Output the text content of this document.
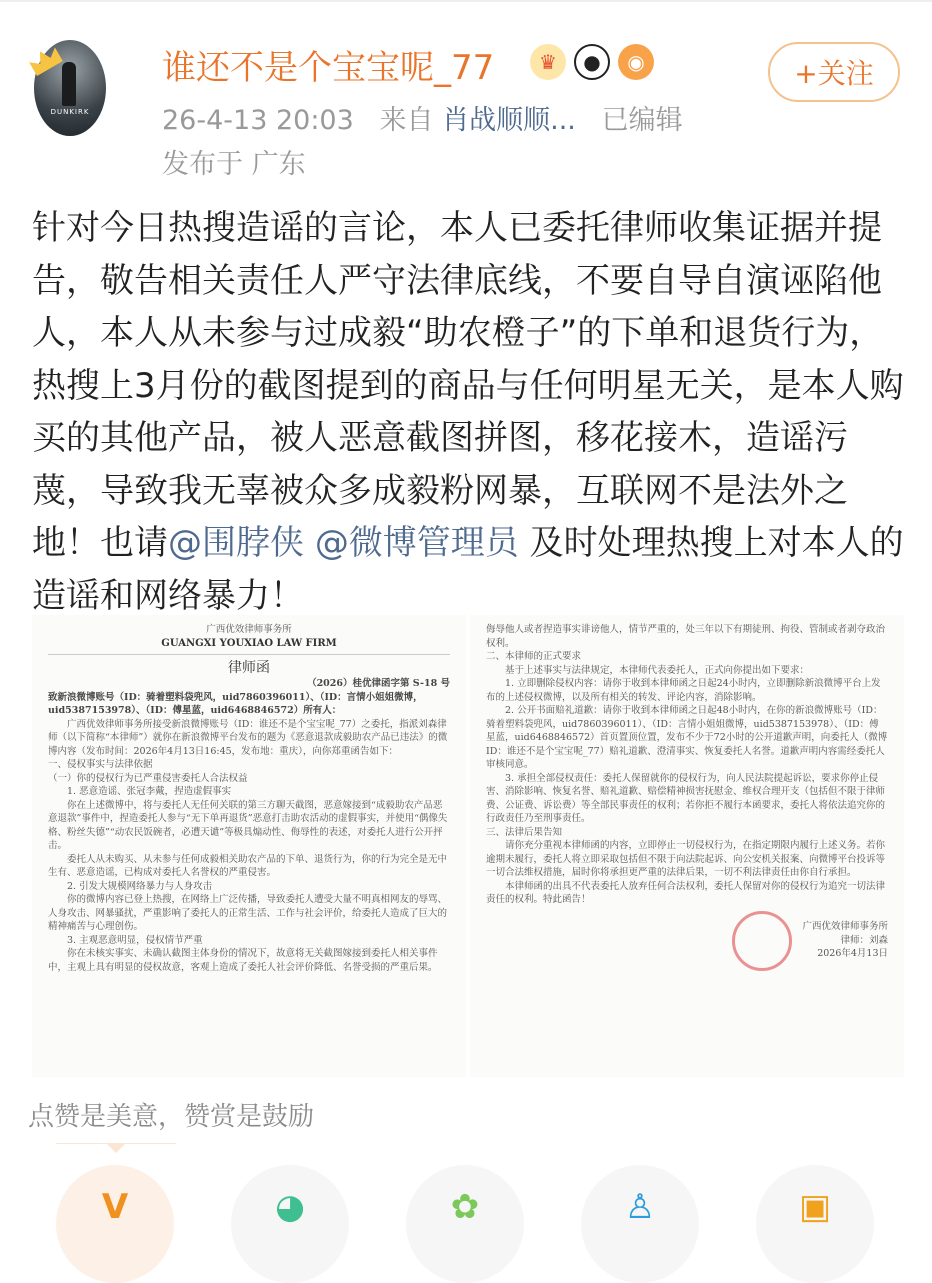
DUNKIRK
谁还不是个宝宝呢_77	♛	●	◉
26-4-13 20:03 来自 肖战顺顺... 已编辑
发布于 广东
+关注
针对今日热搜造谣的言论，本人已委托律师收集证据并提告，敬告相关责任人严守法律底线，不要自导自演诬陷他人，本人从未参与过成毅“助农橙子”的下单和退货行为，热搜上3月份的截图提到的商品与任何明星无关，是本人购买的其他产品，被人恶意截图拼图，移花接木，造谣污蔑，导致我无辜被众多成毅粉网暴，互联网不是法外之地！也请@围脖侠 @微博管理员 及时处理热搜上对本人的造谣和网络暴力！
广西优效律师事务所
GUANGXI YOUXIAO LAW FIRM
律师函
（2026）桂优律函字第 S-18 号
致新浪微博账号（ID：骑着塑料袋兜风，uid7860396011）、（ID：言情小姐姐微博，uid5387153978）、（ID：傅星蓝，uid6468846572）所有人：

广西优效律师事务所接受新浪微博账号（ID：谁还不是个宝宝呢_77）之委托，指派刘森律师（以下简称“本律师”）就你在新浪微博平台发布的题为《恶意退款成毅助农产品已违法》的微博内容（发布时间：2026年4月13日16:45，发布地：重庆），向你郑重函告如下：

一、侵权事实与法律依据
（一）你的侵权行为已严重侵害委托人合法权益

1. 恶意造谣、张冠李戴，捏造虚假事实

你在上述微博中，将与委托人无任何关联的第三方聊天截图，恶意嫁接到“成毅助农产品恶意退款”事件中，捏造委托人参与“无下单再退货”恶意打击助农活动的虚假事实，并使用“偶像失格、粉丝失德”“动农民饭碗者，必遭天谴”等极具煽动性、侮辱性的表述，对委托人进行公开抨击。

委托人从未购买、从未参与任何成毅相关助农产品的下单、退货行为，你的行为完全是无中生有、恶意造谣，已构成对委托人名誉权的严重侵害。

2. 引发大规模网络暴力与人身攻击

你的微博内容已登上热搜，在网络上广泛传播，导致委托人遭受大量不明真相网友的辱骂、人身攻击、网暴骚扰，严重影响了委托人的正常生活、工作与社会评价，给委托人造成了巨大的精神痛苦与心理创伤。

3. 主观恶意明显，侵权情节严重

你在未核实事实、未确认截图主体身份的情况下，故意将无关截图嫁接到委托人相关事件中，主观上具有明显的侵权故意，客观上造成了委托人社会评价降低、名誉受损的严重后果。

侮辱他人或者捏造事实诽谤他人，情节严重的，处三年以下有期徒刑、拘役、管制或者剥夺政治权利。
二、本律师的正式要求

基于上述事实与法律规定，本律师代表委托人，正式向你提出如下要求：

1. 立即删除侵权内容：请你于收到本律师函之日起24小时内，立即删除新浪微博平台上发布的上述侵权微博，以及所有相关的转发、评论内容，消除影响。

2. 公开书面赔礼道歉：请你于收到本律师函之日起48小时内，在你的新浪微博账号（ID：骑着塑料袋兜风，uid7860396011）、（ID：言情小姐姐微博，uid5387153978）、（ID：傅星蓝，uid6468846572）首页置顶位置，发布不少于72小时的公开道歉声明，向委托人（微博ID：谁还不是个宝宝呢_77）赔礼道歉、澄清事实、恢复委托人名誉。道歉声明内容需经委托人审核同意。

3. 承担全部侵权责任：委托人保留就你的侵权行为，向人民法院提起诉讼，要求你停止侵害、消除影响、恢复名誉、赔礼道歉、赔偿精神损害抚慰金、维权合理开支（包括但不限于律师费、公证费、诉讼费）等全部民事责任的权利；若你拒不履行本函要求，委托人将依法追究你的行政责任乃至刑事责任。

三、法律后果告知

请你充分重视本律师函的内容，立即停止一切侵权行为，在指定期限内履行上述义务。若你逾期未履行，委托人将立即采取包括但不限于向法院起诉、向公安机关报案、向微博平台投诉等一切合法维权措施，届时你将承担更严重的法律后果，一切不利法律责任由你自行承担。

本律师函的出具不代表委托人放弃任何合法权利，委托人保留对你的侵权行为追究一切法律责任的权利。特此函告！

广西优效律师事务所
律师：刘森
2026年4月13日
点赞是美意，赞赏是鼓励
V	◕	✿	♙	▣
